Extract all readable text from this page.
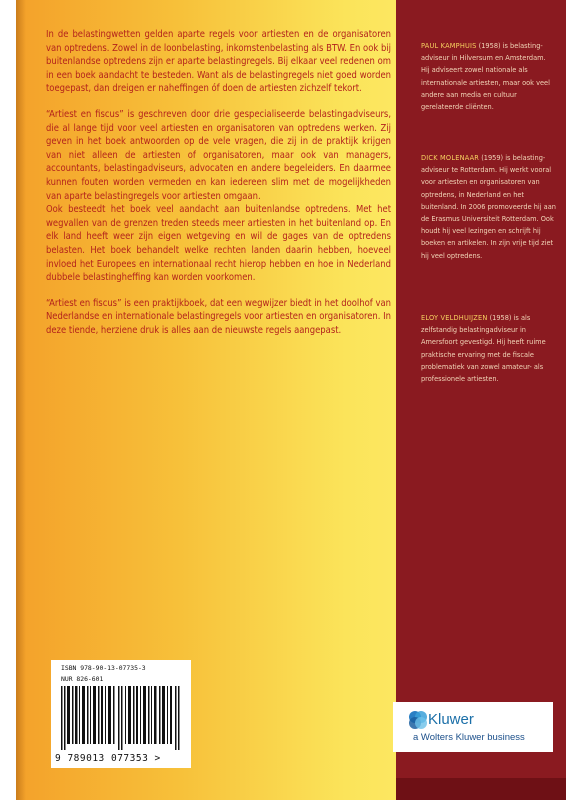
In de belastingwetten gelden aparte regels voor artiesten en de organisatoren van optredens. Zowel in de loonbelasting, inkomstenbelasting als BTW. En ook bij buitenlandse optredens zijn er aparte belastingregels. Bij elkaar veel redenen om in een boek aandacht te besteden. Want als de belastingregels niet goed worden toegepast, dan dreigen er naheffingen óf doen de artiesten zichzelf tekort.

“Artiest en fiscus” is geschreven door drie gespecialiseerde belastingadviseurs, die al lange tijd voor veel artiesten en organisatoren van optredens werken. Zij geven in het boek antwoorden op de vele vragen, die zij in de praktijk krijgen van niet alleen de artiesten of organisatoren, maar ook van managers, accountants, belastingadviseurs, advocaten en andere begeleiders. En daarmee kunnen fouten worden vermeden en kan iedereen slim met de mogelijkheden van aparte belastingregels voor artiesten omgaan.

Ook besteedt het boek veel aandacht aan buitenlandse optredens. Met het wegvallen van de grenzen treden steeds meer artiesten in het buitenland op. En elk land heeft weer zijn eigen wetgeving en wil de gages van de optredens belasten. Het boek behandelt welke rechten landen daarin hebben, hoeveel invloed het Europees en internationaal recht hierop hebben en hoe in Nederland dubbele belastingheffing kan worden voorkomen.

“Artiest en fiscus” is een praktijkboek, dat een wegwijzer biedt in het doolhof van Nederlandse en internationale belastingregels voor artiesten en organisatoren. In deze tiende, herziene druk is alles aan de nieuwste regels aangepast.

PAUL KAMPHUIS (1958) is belasting-adviseur in Hilversum en Amsterdam. Hij adviseert zowel nationale als internationale artiesten, maar ook veel andere aan media en cultuur gerelateerde cliënten.
DICK MOLENAAR (1959) is belasting-adviseur te Rotterdam. Hij werkt vooral voor artiesten en organisatoren van optredens, in Nederland en het buitenland. In 2006 promoveerde hij aan de Erasmus Universiteit Rotterdam. Ook houdt hij veel lezingen en schrijft hij boeken en artikelen. In zijn vrije tijd ziet hij veel optredens.
ELOY VELDHUIJZEN (1958) is als zelfstandig belastingadviseur in Amersfoort gevestigd. Hij heeft ruime praktische ervaring met de fiscale problematiek van zowel amateur- als professionele artiesten.
ISBN 978-90-13-07735-3
NUR 826-601
9 789013 077353 >
Kluwer
a Wolters Kluwer business
